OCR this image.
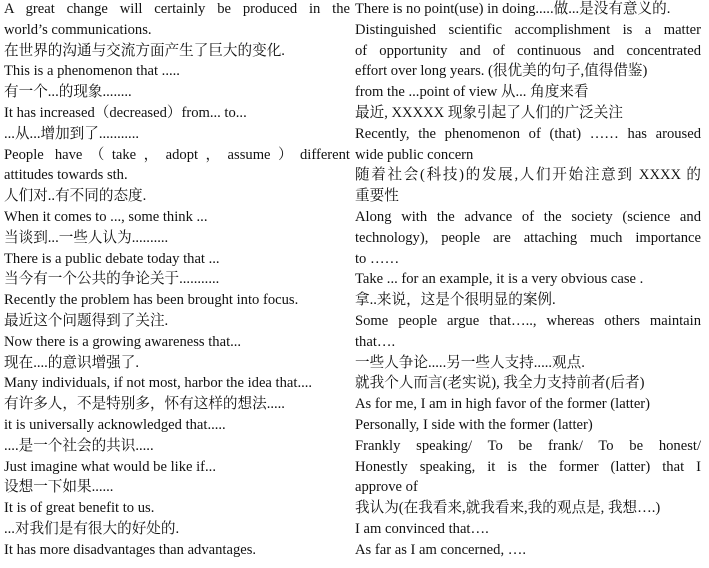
A great change will certainly be produced in the
world’s communications.
在世界的沟通与交流方面产生了巨大的变化.
This is a phenomenon that .....
有一个...的现象........
It has increased（decreased）from... to...
...从...增加到了...........
People have（take，adopt，assume）different
attitudes towards sth.
人们对..有不同的态度.
When it comes to ..., some think ...
当谈到...一些人认为..........
There is a public debate today that ...
当今有一个公共的争论关于...........
Recently the problem has been brought into focus.
最近这个问题得到了关注.
Now there is a growing awareness that...
现在....的意识增强了.
Many individuals, if not most, harbor the idea that....
有许多人，不是特别多，怀有这样的想法.....
it is universally acknowledged that.....
....是一个社会的共识.....
Just imagine what would be like if...
设想一下如果......
It is of great benefit to us.
...对我们是有很大的好处的.
It has more disadvantages than advantages.
There is no point(use) in doing.....做...是没有意义的.
Distinguished scientific accomplishment is a matter
of opportunity and of continuous and concentrated
effort over long years. (很优美的句子,值得借鉴)
from the ...point of view 从... 角度来看
最近, XXXXX 现象引起了人们的广泛关注
Recently, the phenomenon of (that) …… has aroused
wide public concern
随着社会(科技)的发展,人们开始注意到 XXXX 的
重要性
Along with the advance of the society (science and
technology), people are attaching much importance
to ……
Take ... for an example, it is a very obvious case .
拿..来说，这是个很明显的案例.
Some people argue that….., whereas others maintain
that….
一些人争论.....另一些人支持.....观点.
就我个人而言(老实说), 我全力支持前者(后者)
As for me, I am in high favor of the former (latter)
Personally, I side with the former (latter)
Frankly speaking/ To be frank/ To be honest/
Honestly speaking, it is the former (latter) that I
approve of
我认为(在我看来,就我看来,我的观点是, 我想….)
I am convinced that….
As far as I am concerned, ….
